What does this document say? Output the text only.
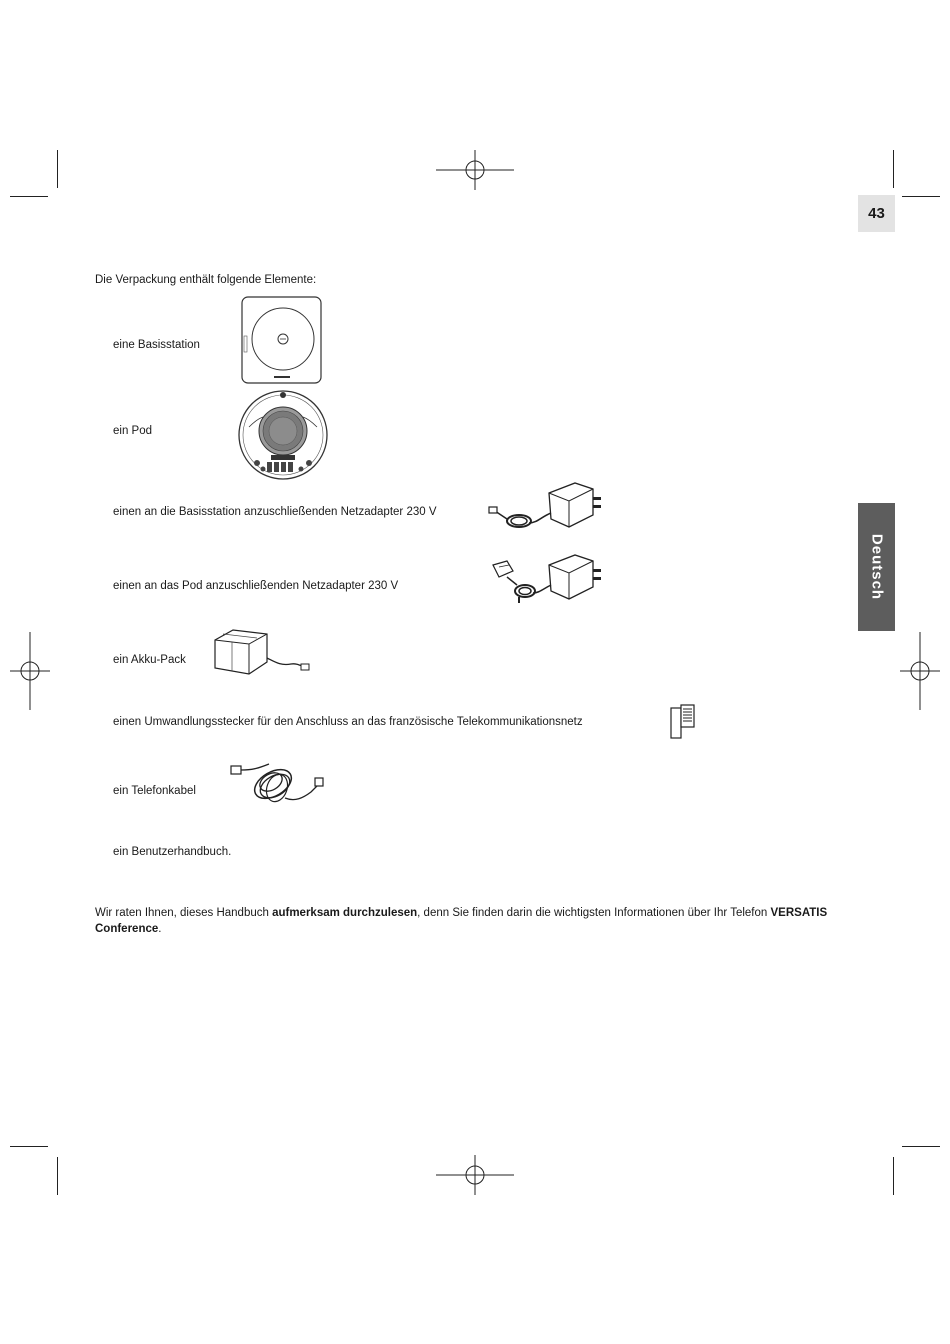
43
Deutsch
Die Verpackung enthält folgende Elemente:
eine Basisstation
ein Pod
einen an die Basisstation anzuschließenden Netzadapter 230 V
einen an das Pod anzuschließenden Netzadapter 230 V
ein Akku-Pack
einen Umwandlungsstecker für den Anschluss an das französische Telekommunikationsnetz
ein Telefonkabel
ein Benutzerhandbuch.
Wir raten Ihnen, dieses Handbuch aufmerksam durchzulesen, denn Sie finden darin die wichtigsten Informationen über Ihr Telefon VERSATIS Conference.
